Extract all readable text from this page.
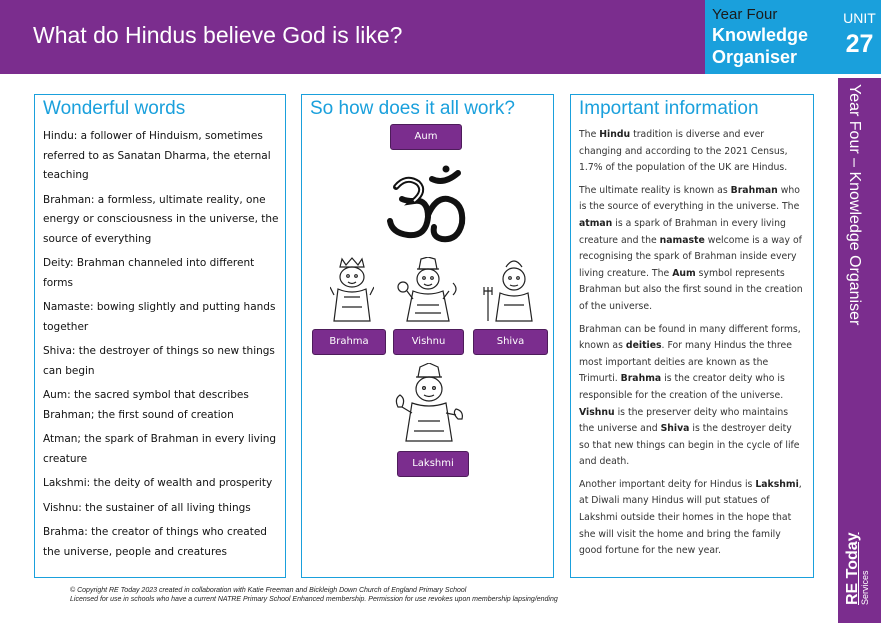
What do Hindus believe God is like?
Year Four
Knowledge
Organiser
UNIT
27
Year Four – Knowledge Organiser
RE Today Services
Wonderful words

Hindu: a follower of Hinduism, sometimes referred to as Sanatan Dharma, the eternal teaching

Brahman: a formless, ultimate reality, one energy or consciousness in the universe, the source of everything

Deity: Brahman channeled into different forms

Namaste: bowing slightly and putting hands together

Shiva: the destroyer of things so new things can begin

Aum: the sacred symbol that describes Brahman; the first sound of creation

Atman; the spark of Brahman in every living creature

Lakshmi: the deity of wealth and prosperity

Vishnu: the sustainer of all living things

Brahma: the creator of things who created the universe, people and creatures

So how does it all work?
Aum
Brahma	Vishnu	Shiva
Lakshmi
Important information

The Hindu tradition is diverse and ever changing and according to the 2021 Census, 1.7% of the population of the UK are Hindus.

The ultimate reality is known as Brahman who is the source of everything in the universe. The atman is a spark of Brahman in every living creature and the namaste welcome is a way of recognising the spark of Brahman inside every living creature. The Aum symbol represents Brahman but also the first sound in the creation of the universe.

Brahman can be found in many different forms, known as deities. For many Hindus the three most important deities are known as the Trimurti. Brahma is the creator deity who is responsible for the creation of the universe. Vishnu is the preserver deity who maintains the universe and Shiva is the destroyer deity so that new things can begin in the cycle of life and death.

Another important deity for Hindus is Lakshmi, at Diwali many Hindus will put statues of Lakshmi outside their homes in the hope that she will visit the home and bring the family good fortune for the new year.

© Copyright RE Today 2023 created in collaboration with Katie Freeman and Bickleigh Down Church of England Primary School
Licensed for use in schools who have a current NATRE Primary School Enhanced membership. Permission for use revokes upon membership lapsing/ending
